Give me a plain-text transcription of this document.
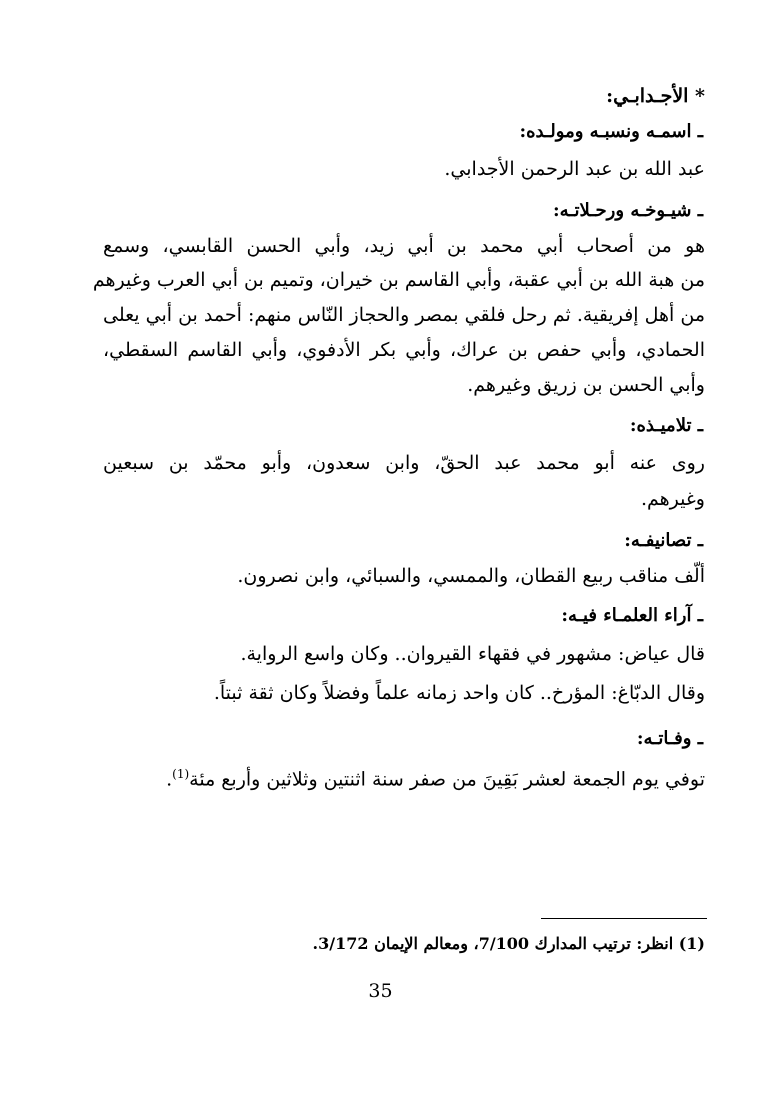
* الأجـدابـي:
ـ اسمـه ونسبـه ومولـده:
عبد الله بن عبد الرحمن الأجدابي.
ـ شيـوخـه ورحـلاتـه:
هو من أصحاب أبي محمد بن أبي زيد، وأبي الحسن القابسي، وسمع
من هبة الله بن أبي عقبة، وأبي القاسم بن خيران، وتميم بن أبي العرب وغيرهم
من أهل إفريقية. ثم رحل فلقي بمصر والحجاز النّاس منهم: أحمد بن أبي يعلى
الحمادي، وأبي حفص بن عراك، وأبي بكر الأدفوي، وأبي القاسم السقطي،
وأبي الحسن بن زريق وغيرهم.
ـ تلاميـذه:
روى عنه أبو محمد عبد الحقّ، وابن سعدون، وأبو محمّد بن سبعين
وغيرهم.
ـ تصانيفـه:
ألّف مناقب ربيع القطان، والممسي، والسبائي، وابن نصرون.
ـ آراء العلمـاء فيـه:
قال عياض: مشهور في فقهاء القيروان.. وكان واسع الرواية.
وقال الدبّاغ: المؤرخ.. كان واحد زمانه علماً وفضلاً وكان ثقة ثبتاً.
ـ وفـاتـه:
توفي يوم الجمعة لعشر بَقِينَ من صفر سنة اثنتين وثلاثين وأربع مئة$^{(1)}$.
(1) انظر: ترتيب المدارك 7/100، ومعالم الإيمان 3/172.
35
